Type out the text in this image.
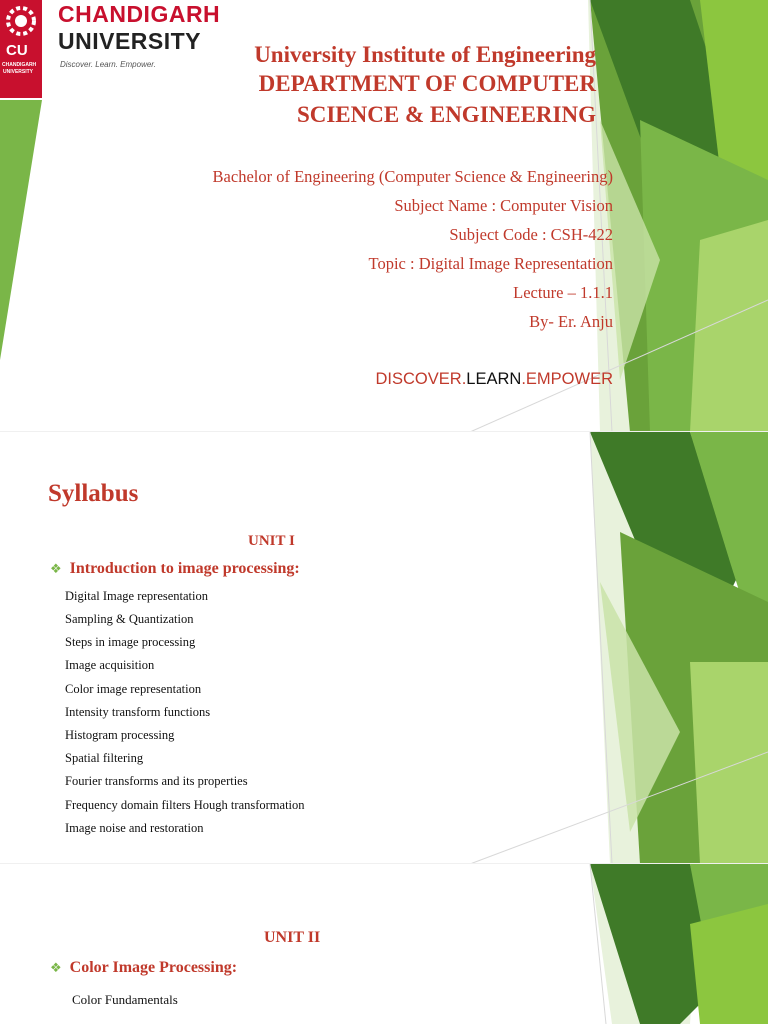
CU
CHANDIGARH
UNIVERSITY
CHANDIGARH
UNIVERSITY
Discover. Learn. Empower.	University Institute of Engineering
DEPARTMENT OF COMPUTER
SCIENCE & ENGINEERING
Bachelor of Engineering (Computer Science & Engineering)
Subject Name : Computer Vision
Subject Code : CSH-422
Topic : Digital Image Representation
Lecture – 1.1.1
By- Er. Anju
DISCOVER.LEARN.EMPOWER
Syllabus
UNIT I
❖ Introduction to image processing:
Digital Image representation
Sampling & Quantization
Steps in image processing
Image acquisition
Color image representation
Intensity transform functions
Histogram processing
Spatial filtering
Fourier transforms and its properties
Frequency domain filters Hough transformation
Image noise and restoration
UNIT II
❖ Color Image Processing:
Color Fundamentals
